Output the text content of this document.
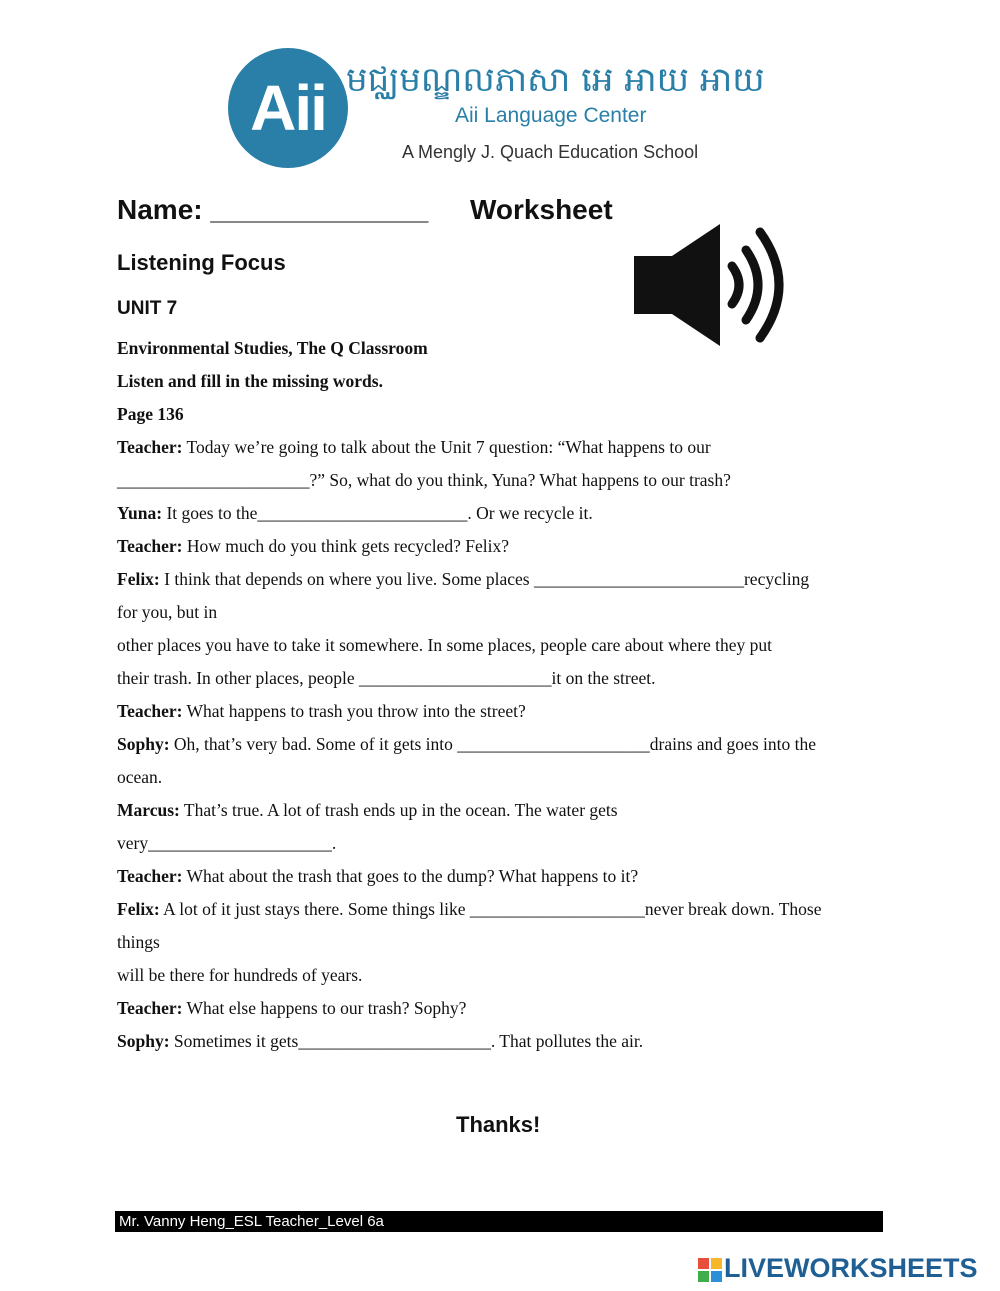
Aii មជ្ឈមណ្ឌលភាសា អេ អាយ អាយ
Aii Language Center
A Mengly J. Quach Education School
Name: ______________ Worksheet
Listening Focus
UNIT 7
Environmental Studies, The Q Classroom
Listen and fill in the missing words.
Page 136
Teacher: Today we’re going to talk about the Unit 7 question: “What happens to our
______________________?” So, what do you think, Yuna? What happens to our trash?
Yuna: It goes to the________________________. Or we recycle it.
Teacher: How much do you think gets recycled? Felix?
Felix: I think that depends on where you live. Some places ________________________recycling
for you, but in
other places you have to take it somewhere. In some places, people care about where they put
their trash. In other places, people ______________________it on the street.
Teacher: What happens to trash you throw into the street?
Sophy: Oh, that’s very bad. Some of it gets into ______________________drains and goes into the
ocean.
Marcus: That’s true. A lot of trash ends up in the ocean. The water gets
very_____________________.
Teacher: What about the trash that goes to the dump? What happens to it?
Felix: A lot of it just stays there. Some things like ____________________never break down. Those
things
will be there for hundreds of years.
Teacher: What else happens to our trash? Sophy?
Sophy: Sometimes it gets______________________. That pollutes the air.
Thanks!
Mr. Vanny Heng_ESL Teacher_Level 6a
LIVEWORKSHEETS
